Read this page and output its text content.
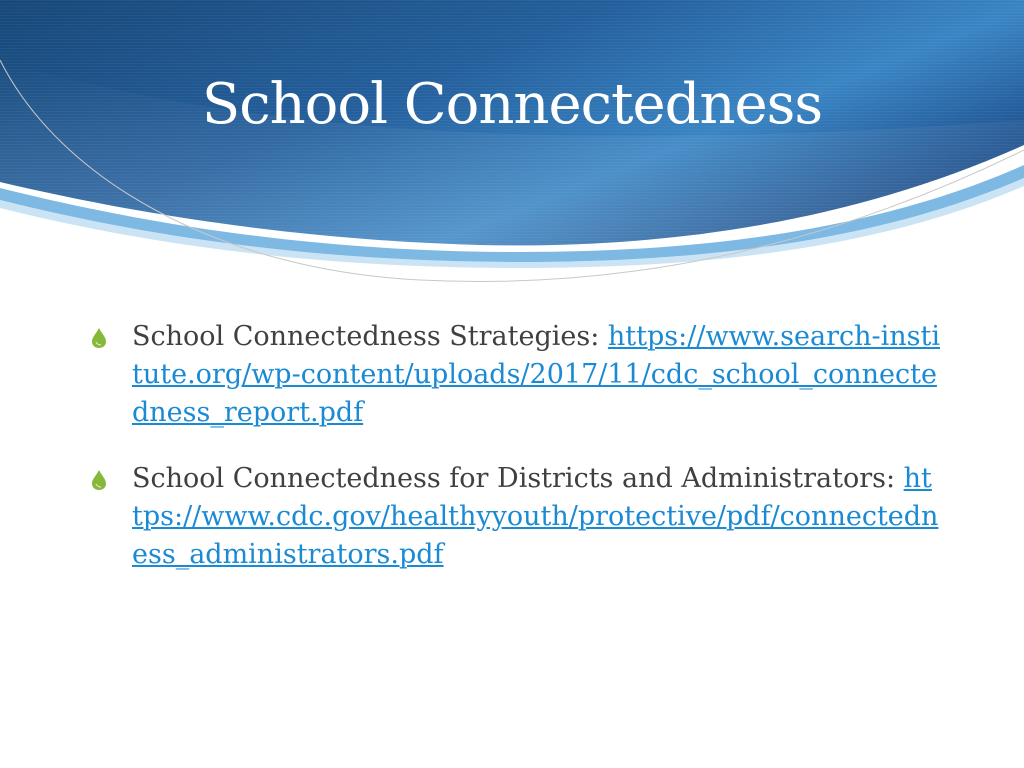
School Connectedness
School Connectedness Strategies: https://www.search-institute.org/wp-content/uploads/2017/11/cdc_school_connectedness_report.pdf
School Connectedness for Districts and Administrators: https://www.cdc.gov/healthyyouth/protective/pdf/connectedness_administrators.pdf
